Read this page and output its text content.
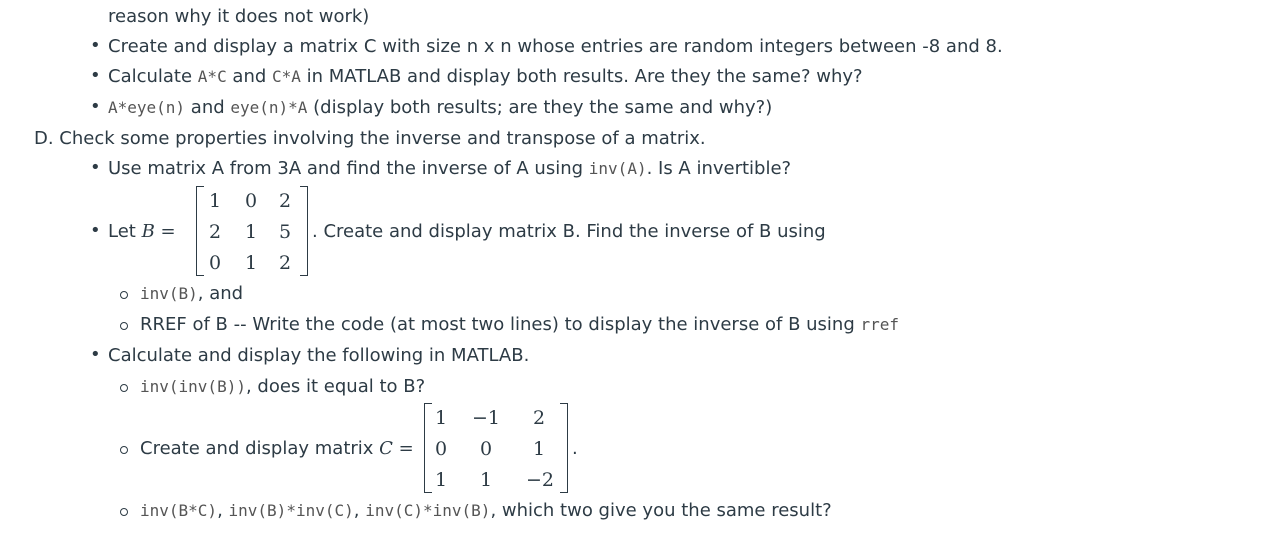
reason why it does not work)
• Create and display a matrix C with size n x n whose entries are random integers between -8 and 8.
• Calculate A*C and C*A in MATLAB and display both results. Are they the same? why?
• A*eye(n) and eye(n)*A (display both results; are they the same and why?)
D. Check some properties involving the inverse and transpose of a matrix.
• Use matrix A from 3A and find the inverse of A using inv(A). Is A invertible?
• Let B =
1	0	2
2	1	5
0	1	2
. Create and display matrix B. Find the inverse of B using
inv(B), and
RREF of B -- Write the code (at most two lines) to display the inverse of B using rref
• Calculate and display the following in MATLAB.
inv(inv(B)), does it equal to B?
Create and display matrix C =
1	−1	2
0	0	1
1	1	−2
.
inv(B*C), inv(B)*inv(C), inv(C)*inv(B), which two give you the same result?
